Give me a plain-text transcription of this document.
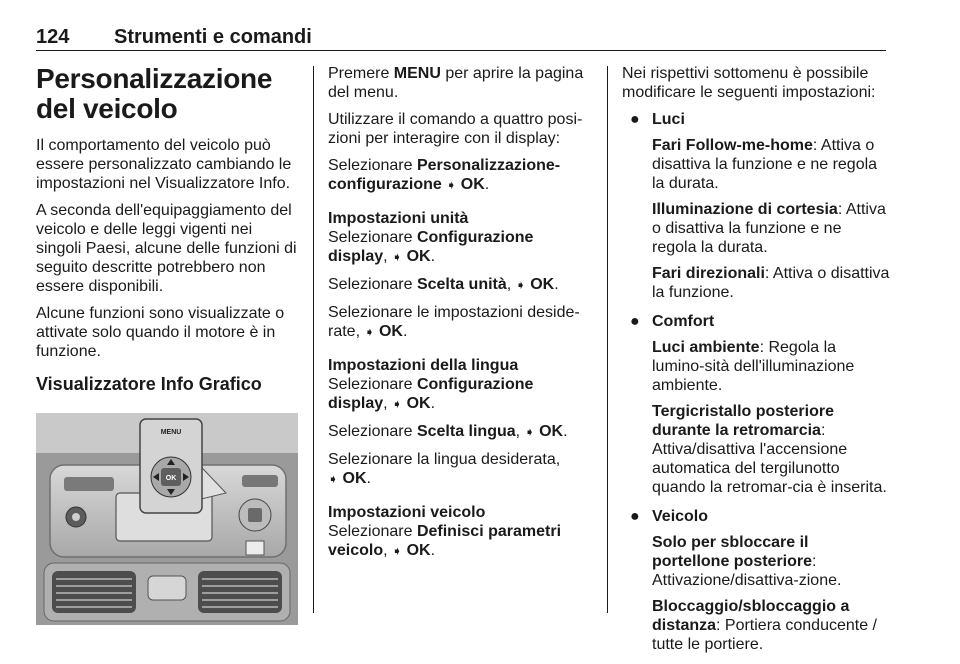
124 Strumenti e comandi
Personalizzazione del veicolo

Il comportamento del veicolo può essere personalizzato cambiando le impostazioni nel Visualizzatore Info.

A seconda dell'equipaggiamento del veicolo e delle leggi vigenti nei singoli Paesi, alcune delle funzioni di seguito descritte potrebbero non essere disponibili.

Alcune funzioni sono visualizzate o attivate solo quando il motore è in funzione.

Visualizzatore Info Grafico
MENU
OK

Premere MENU per aprire la pagina del menu.

Utilizzare il comando a quattro posi-zioni per interagire con il display:

Selezionare Personalizzazione-configurazione ➧ OK.

Impostazioni unità

Selezionare Configurazione display, ➧ OK.

Selezionare Scelta unità, ➧ OK.

Selezionare le impostazioni deside-rate, ➧ OK.

Impostazioni della lingua

Selezionare Configurazione display, ➧ OK.

Selezionare Scelta lingua, ➧ OK.

Selezionare la lingua desiderata,
➧ OK.

Impostazioni veicolo

Selezionare Definisci parametri veicolo, ➧ OK.

Nei rispettivi sottomenu è possibile modificare le seguenti impostazioni:

● Luci
Fari Follow-me-home: Attiva o disattiva la funzione e ne regola la durata.
Illuminazione di cortesia: Attiva o disattiva la funzione e ne regola la durata.
Fari direzionali: Attiva o disattiva la funzione.
● Comfort
Luci ambiente: Regola la lumino-sità dell'illuminazione ambiente.
Tergicristallo posteriore durante la retromarcia: Attiva/disattiva l'accensione automatica del tergilunotto quando la retromar-cia è inserita.
● Veicolo
Solo per sbloccare il portellone posteriore: Attivazione/disattiva-zione.
Bloccaggio/sbloccaggio a distanza: Portiera conducente / tutte le portiere.
